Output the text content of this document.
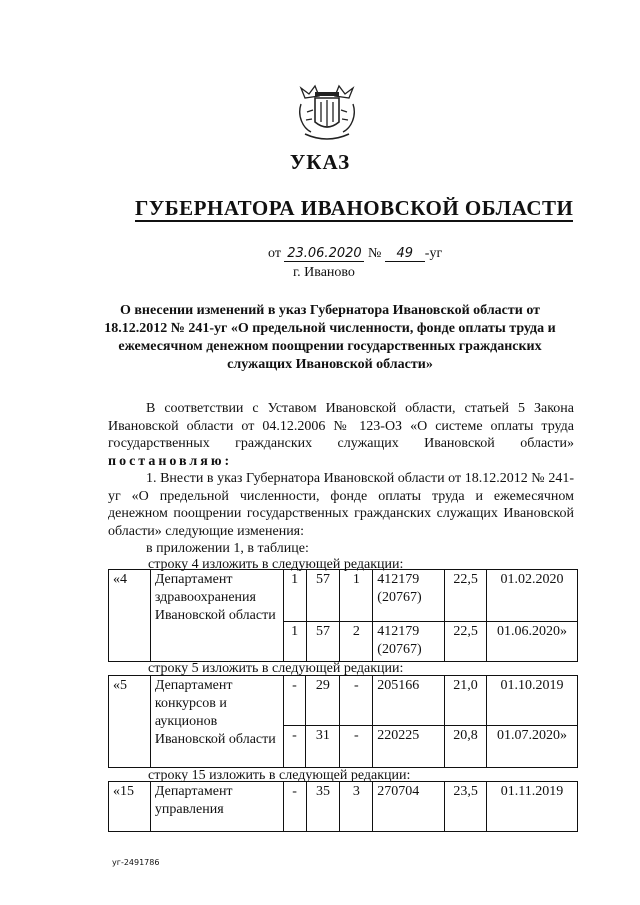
УКАЗ
ГУБЕРНАТОРА ИВАНОВСКОЙ ОБЛАСТИ
от 23.06.2020 № 49 -уг
г. Иваново
О внесении изменений в указ Губернатора Ивановской области от 18.12.2012 № 241-уг «О предельной численности, фонде оплаты труда и ежемесячном денежном поощрении государственных гражданских служащих Ивановской области»

В соответствии с Уставом Ивановской области, статьей 5 Закона Ивановской области от 04.12.2006 № 123-ОЗ «О системе оплаты труда государственных гражданских служащих Ивановской области» постановляю:

1. Внести в указ Губернатора Ивановской области от 18.12.2012 № 241-уг «О предельной численности, фонде оплаты труда и ежемесячном денежном поощрении государственных гражданских служащих Ивановской области» следующие изменения:

в приложении 1, в таблице:

строку 4 изложить в следующей редакции:
«4	Департамент здравоохранения Ивановской области	1	57	1	412179 (20767)	22,5	01.02.2020
		1	57	2	412179 (20767)	22,5	01.06.2020»
строку 5 изложить в следующей редакции:
«5	Департамент конкурсов и аукционов Ивановской области	-	29	-	205166	21,0	01.10.2019
		-	31	-	220225	20,8	01.07.2020»
строку 15 изложить в следующей редакции:
«15	Департамент управления	-	35	3	270704	23,5	01.11.2019
уг-2491786
